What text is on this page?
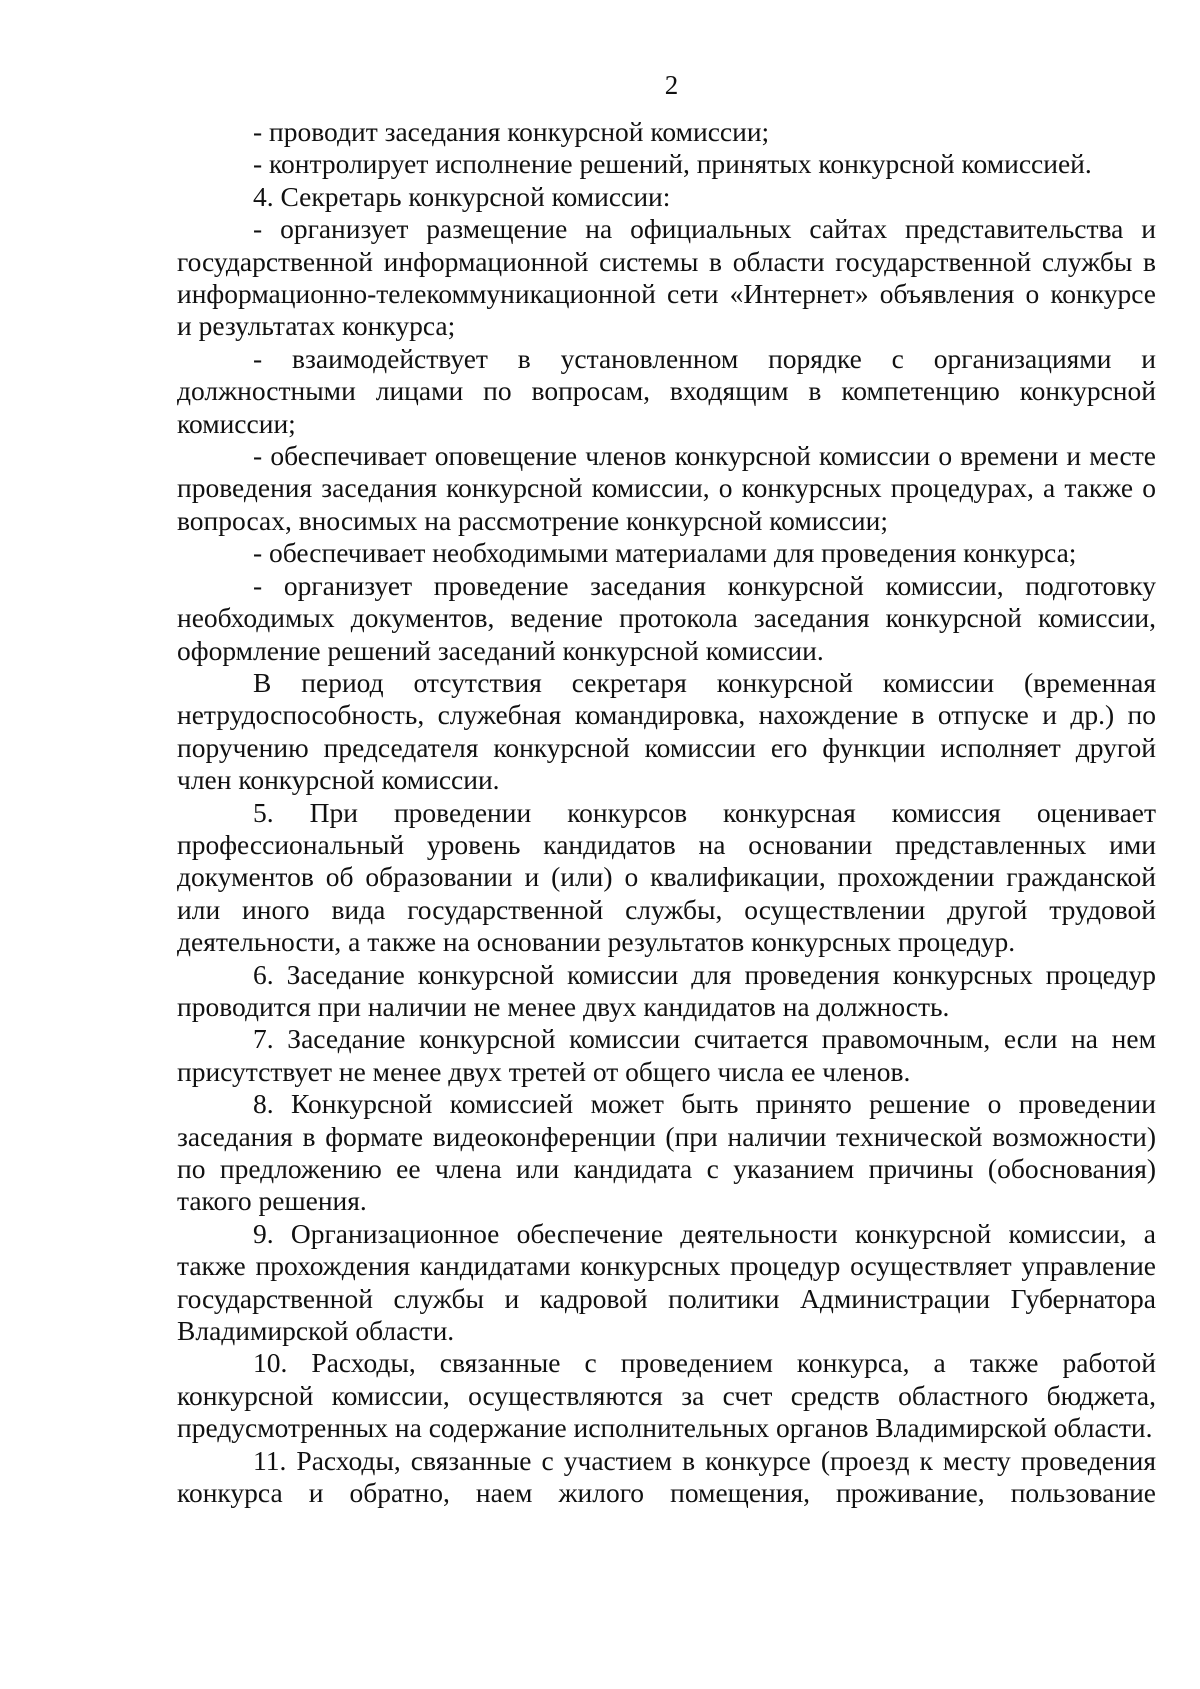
2

- проводит заседания конкурсной комиссии;

- контролирует исполнение решений, принятых конкурсной комиссией.

4. Секретарь конкурсной комиссии:

- организует размещение на официальных сайтах представительства и государственной информационной системы в области государственной службы в информационно-телекоммуникационной сети «Интернет» объявления о конкурсе и результатах конкурса;

- взаимодействует в установленном порядке с организациями и должностными лицами по вопросам, входящим в компетенцию конкурсной комиссии;

- обеспечивает оповещение членов конкурсной комиссии о времени и месте проведения заседания конкурсной комиссии, о конкурсных процедурах, а также о вопросах, вносимых на рассмотрение конкурсной комиссии;

- обеспечивает необходимыми материалами для проведения конкурса;

- организует проведение заседания конкурсной комиссии, подготовку необходимых документов, ведение протокола заседания конкурсной комиссии, оформление решений заседаний конкурсной комиссии.

В период отсутствия секретаря конкурсной комиссии (временная нетрудоспособность, служебная командировка, нахождение в отпуске и др.) по поручению председателя конкурсной комиссии его функции исполняет другой член конкурсной комиссии.

5. При проведении конкурсов конкурсная комиссия оценивает профессиональный уровень кандидатов на основании представленных ими документов об образовании и (или) о квалификации, прохождении гражданской или иного вида государственной службы, осуществлении другой трудовой деятельности, а также на основании результатов конкурсных процедур.

6. Заседание конкурсной комиссии для проведения конкурсных процедур проводится при наличии не менее двух кандидатов на должность.

7. Заседание конкурсной комиссии считается правомочным, если на нем присутствует не менее двух третей от общего числа ее членов.

8. Конкурсной комиссией может быть принято решение о проведении заседания в формате видеоконференции (при наличии технической возможности) по предложению ее члена или кандидата с указанием причины (обоснования) такого решения.

9. Организационное обеспечение деятельности конкурсной комиссии, а также прохождения кандидатами конкурсных процедур осуществляет управление государственной службы и кадровой политики Администрации Губернатора Владимирской области.

10. Расходы, связанные с проведением конкурса, а также работой конкурсной комиссии, осуществляются за счет средств областного бюджета, предусмотренных на содержание исполнительных органов Владимирской области.

11. Расходы, связанные с участием в конкурсе (проезд к месту проведения конкурса и обратно, наем жилого помещения, проживание, пользование
